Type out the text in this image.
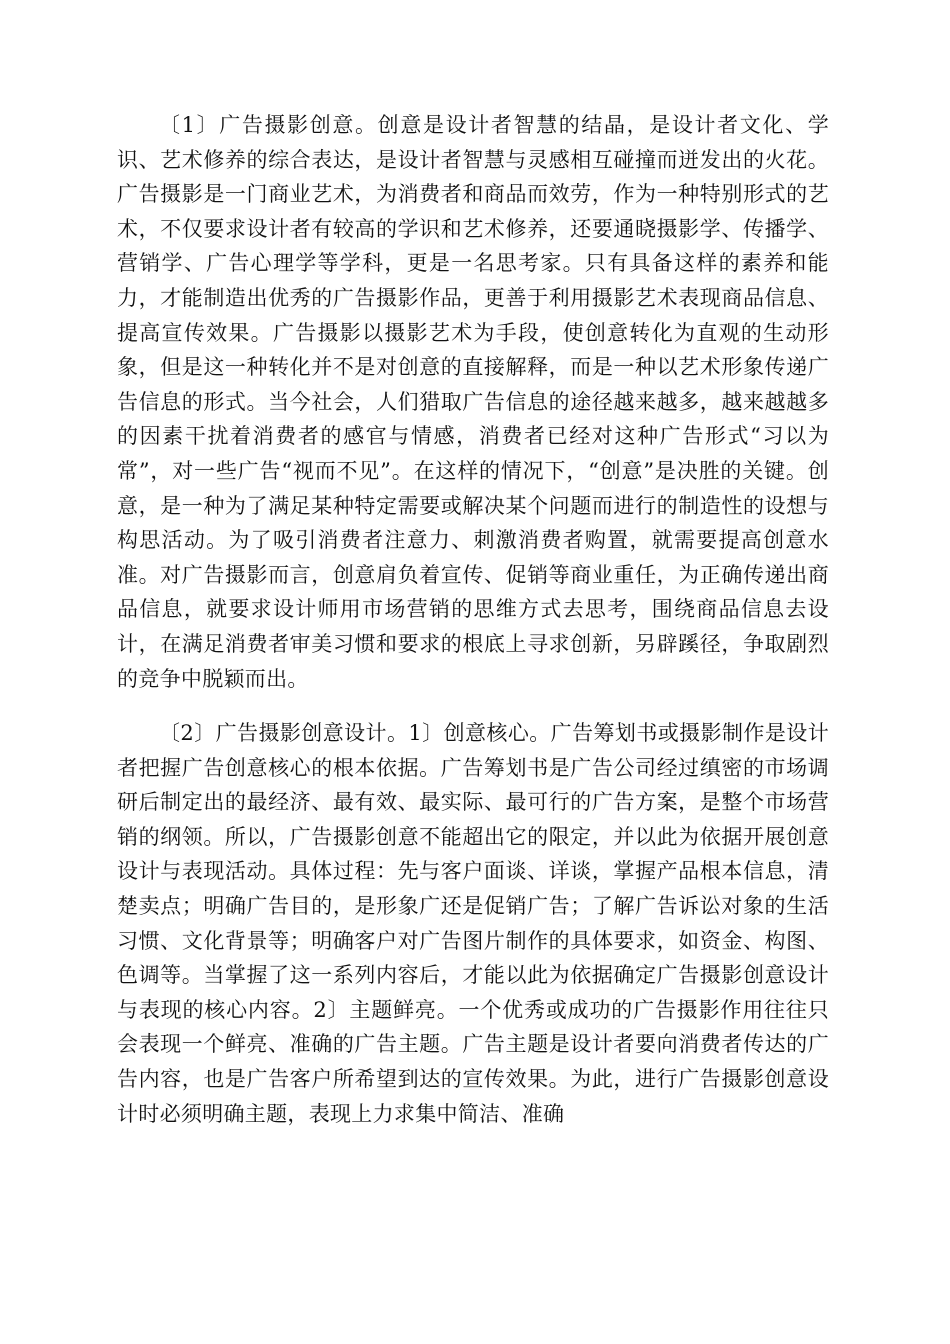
〔1〕广告摄影创意。创意是设计者智慧的结晶，是设计者文化、学识、艺术修养的综合表达，是设计者智慧与灵感相互碰撞而迸发出的火花。广告摄影是一门商业艺术，为消费者和商品而效劳，作为一种特别形式的艺术，不仅要求设计者有较高的学识和艺术修养，还要通晓摄影学、传播学、营销学、广告心理学等学科，更是一名思考家。只有具备这样的素养和能力，才能制造出优秀的广告摄影作品，更善于利用摄影艺术表现商品信息、提高宣传效果。广告摄影以摄影艺术为手段，使创意转化为直观的生动形象，但是这一种转化并不是对创意的直接解释，而是一种以艺术形象传递广告信息的形式。当今社会，人们猎取广告信息的途径越来越多，越来越越多的因素干扰着消费者的感官与情感，消费者已经对这种广告形式“习以为常”，对一些广告“视而不见”。在这样的情况下，“创意”是决胜的关键。创意，是一种为了满足某种特定需要或解决某个问题而进行的制造性的设想与构思活动。为了吸引消费者注意力、刺激消费者购置，就需要提高创意水准。对广告摄影而言，创意肩负着宣传、促销等商业重任，为正确传递出商品信息，就要求设计师用市场营销的思维方式去思考，围绕商品信息去设计，在满足消费者审美习惯和要求的根底上寻求创新，另辟蹊径，争取剧烈的竞争中脱颖而出。

〔2〕广告摄影创意设计。1〕创意核心。广告筹划书或摄影制作是设计者把握广告创意核心的根本依据。广告筹划书是广告公司经过缜密的市场调研后制定出的最经济、最有效、最实际、最可行的广告方案，是整个市场营销的纲领。所以，广告摄影创意不能超出它的限定，并以此为依据开展创意设计与表现活动。具体过程：先与客户面谈、详谈，掌握产品根本信息，清楚卖点；明确广告目的，是形象广还是促销广告；了解广告诉讼对象的生活习惯、文化背景等；明确客户对广告图片制作的具体要求，如资金、构图、色调等。当掌握了这一系列内容后，才能以此为依据确定广告摄影创意设计与表现的核心内容。2〕主题鲜亮。一个优秀或成功的广告摄影作用往往只会表现一个鲜亮、准确的广告主题。广告主题是设计者要向消费者传达的广告内容，也是广告客户所希望到达的宣传效果。为此，进行广告摄影创意设计时必须明确主题，表现上力求集中简洁、准确
